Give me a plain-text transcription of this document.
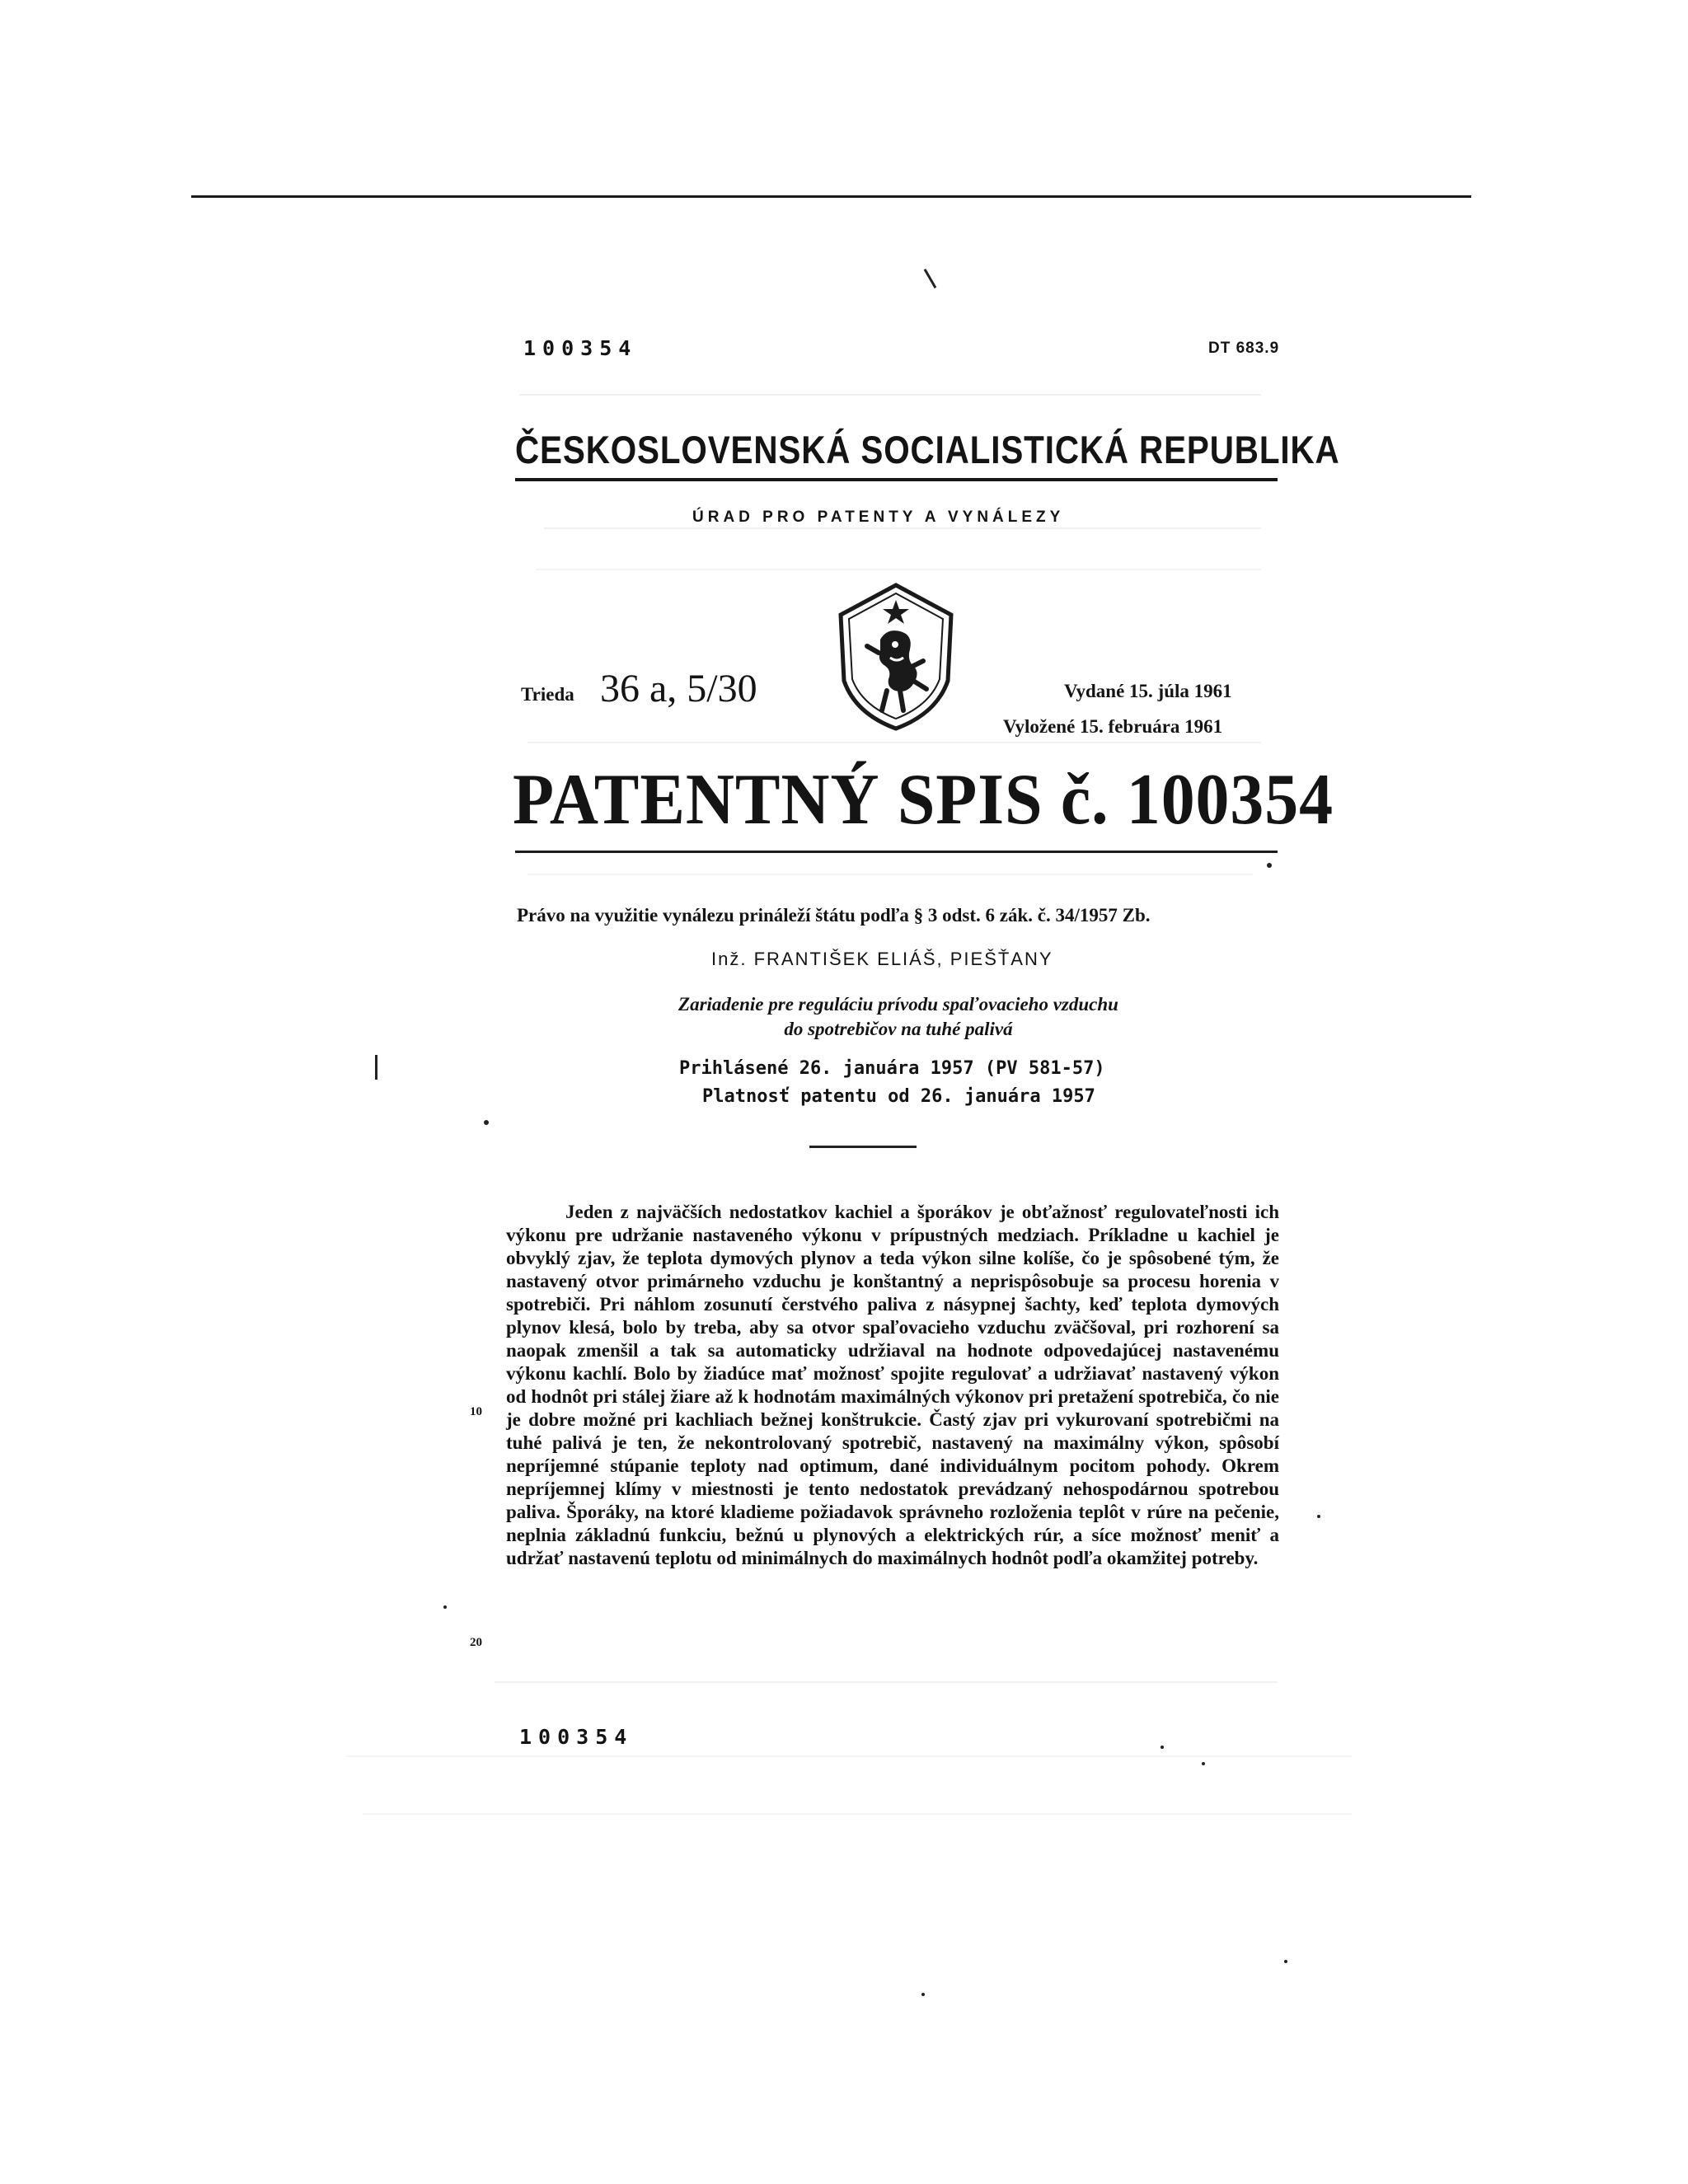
100354	DT 683.9
ČESKOSLOVENSKÁ SOCIALISTICKÁ REPUBLIKA
ÚRAD PRO PATENTY A VYNÁLEZY
Trieda 36 a, 5/30	Vydané 15. júla 1961
Vyložené 15. februára 1961
PATENTNÝ SPIS č. 100354
Právo na využitie vynálezu prináleží štátu podľa § 3 odst. 6 zák. č. 34/1957 Zb.
Inž. FRANTIŠEK ELIÁŠ, PIEŠŤANY
Zariadenie pre reguláciu prívodu spaľovacieho vzduchu
do spotrebičov na tuhé palivá
Prihlásené 26. januára 1957 (PV 581-57)
Platnosť patentu od 26. januára 1957
10
20
Jeden z najväčších nedostatkov kachiel a šporákov je obťažnosť regulovateľnosti ich výkonu pre udržanie nastaveného výkonu v prípustných medziach. Príkladne u kachiel je obvyklý zjav, že teplota dymových plynov a teda výkon silne kolíše, čo je spôsobené tým, že nastavený otvor primárneho vzduchu je konštantný a neprispôsobuje sa procesu horenia v spotrebiči. Pri náhlom zosunutí čerstvého paliva z násypnej šachty, keď teplota dymových plynov klesá, bolo by treba, aby sa otvor spaľovacieho vzduchu zväčšoval, pri rozhorení sa naopak zmenšil a tak sa automaticky udržiaval na hodnote odpovedajúcej nastavenému výkonu kachlí. Bolo by žiadúce mať možnosť spojite regulovať a udržiavať nastavený výkon od hodnôt pri stálej žiare až k hodnotám maximálných výkonov pri pretažení spotrebiča, čo nie je dobre možné pri kachliach bežnej konštrukcie. Častý zjav pri vykurovaní spotrebičmi na tuhé palivá je ten, že nekontrolovaný spotrebič, nastavený na maximálny výkon, spôsobí nepríjemné stúpanie teploty nad optimum, dané individuálnym pocitom pohody. Okrem nepríjemnej klímy v miestnosti je tento nedostatok prevádzaný nehospodárnou spotrebou paliva. Šporáky, na ktoré kladieme požiadavok správneho rozloženia teplôt v rúre na pečenie, neplnia základnú funkciu, bežnú u plynových a elektrických rúr, a síce možnosť meniť a udržať nastavenú teplotu od minimálnych do maximálnych hodnôt podľa okamžitej potreby.
100354
